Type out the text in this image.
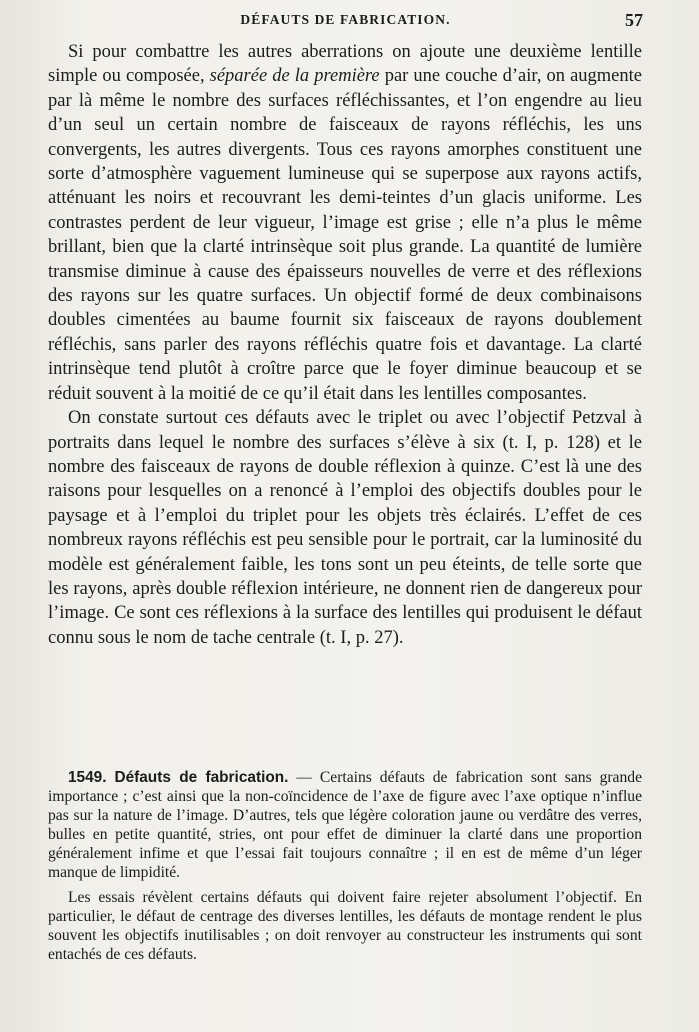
DÉFAUTS DE FABRICATION.	57

Si pour combattre les autres aberrations on ajoute une deuxième lentille simple ou composée, séparée de la première par une couche d’air, on augmente par là même le nombre des surfaces réfléchissantes, et l’on engendre au lieu d’un seul un certain nombre de faisceaux de rayons réfléchis, les uns convergents, les autres divergents. Tous ces rayons amorphes constituent une sorte d’atmosphère vaguement lumineuse qui se superpose aux rayons actifs, atténuant les noirs et recouvrant les demi-teintes d’un glacis uniforme. Les contrastes perdent de leur vigueur, l’image est grise ; elle n’a plus le même brillant, bien que la clarté intrinsèque soit plus grande. La quantité de lumière transmise diminue à cause des épaisseurs nouvelles de verre et des réflexions des rayons sur les quatre surfaces. Un objectif formé de deux combinaisons doubles cimentées au baume fournit six faisceaux de rayons doublement réfléchis, sans parler des rayons réfléchis quatre fois et davantage. La clarté intrinsèque tend plutôt à croître parce que le foyer diminue beaucoup et se réduit souvent à la moitié de ce qu’il était dans les lentilles composantes.

On constate surtout ces défauts avec le triplet ou avec l’objectif Petzval à portraits dans lequel le nombre des surfaces s’élève à six (t. I, p. 128) et le nombre des faisceaux de rayons de double réflexion à quinze. C’est là une des raisons pour lesquelles on a renoncé à l’emploi des objectifs doubles pour le paysage et à l’emploi du triplet pour les objets très éclairés. L’effet de ces nombreux rayons réfléchis est peu sensible pour le portrait, car la luminosité du modèle est généralement faible, les tons sont un peu éteints, de telle sorte que les rayons, après double réflexion intérieure, ne donnent rien de dangereux pour l’image. Ce sont ces réflexions à la surface des lentilles qui produisent le défaut connu sous le nom de tache centrale (t. I, p. 27).

1549. Défauts de fabrication. — Certains défauts de fabrication sont sans grande importance ; c’est ainsi que la non-coïncidence de l’axe de figure avec l’axe optique n’influe pas sur la nature de l’image. D’autres, tels que légère coloration jaune ou verdâtre des verres, bulles en petite quantité, stries, ont pour effet de diminuer la clarté dans une proportion généralement infime et que l’essai fait toujours connaître ; il en est de même d’un léger manque de limpidité.

Les essais révèlent certains défauts qui doivent faire rejeter absolument l’objectif. En particulier, le défaut de centrage des diverses lentilles, les défauts de montage rendent le plus souvent les objectifs inutilisables ; on doit renvoyer au constructeur les instruments qui sont entachés de ces défauts.
